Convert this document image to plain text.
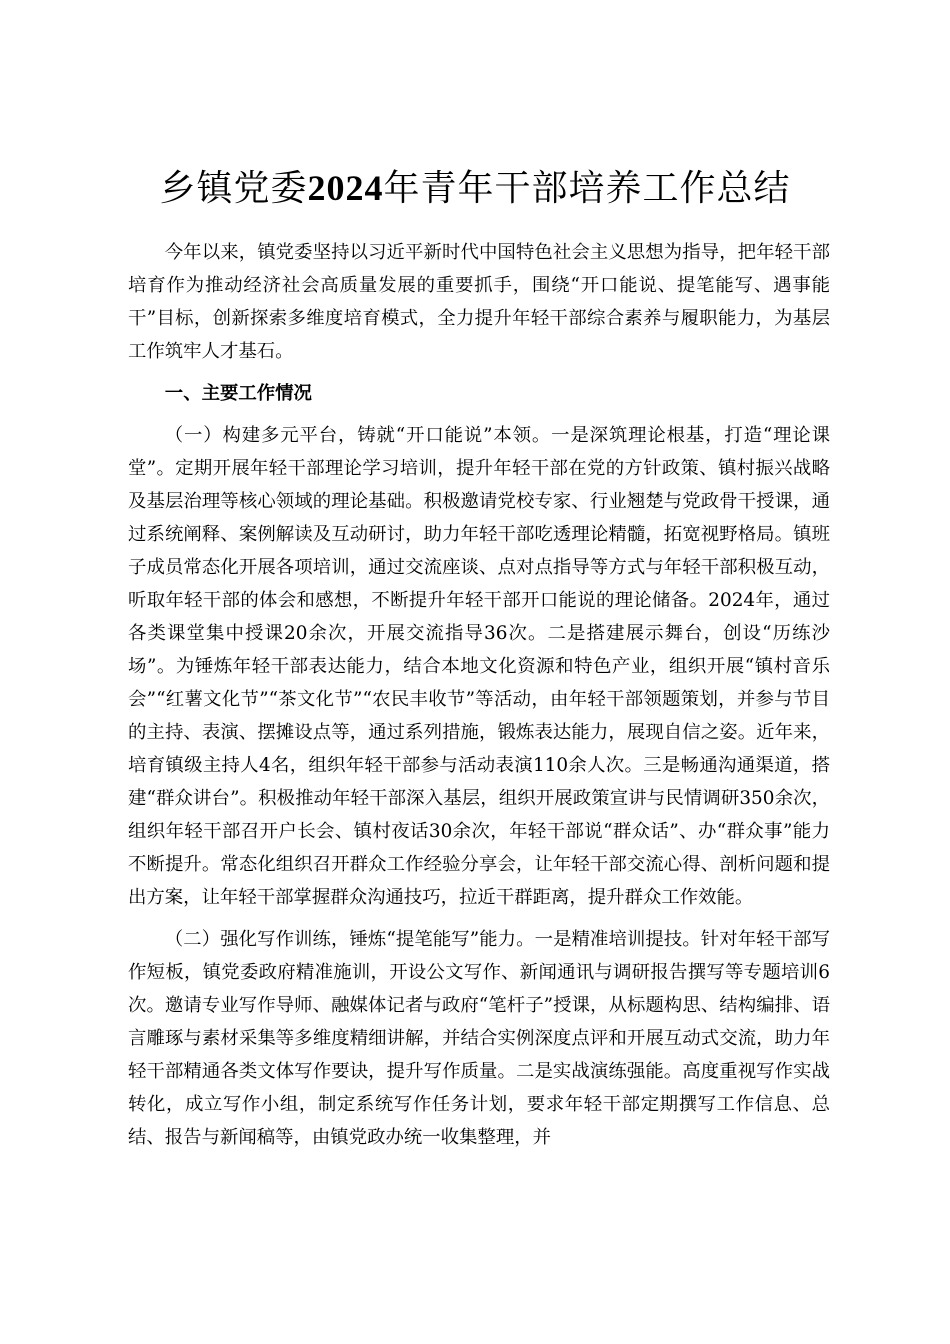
乡镇党委2024年青年干部培养工作总结

今年以来，镇党委坚持以习近平新时代中国特色社会主义思想为指导，把年轻干部培育作为推动经济社会高质量发展的重要抓手，围绕“开口能说、提笔能写、遇事能干”目标，创新探索多维度培育模式，全力提升年轻干部综合素养与履职能力，为基层工作筑牢人才基石。

一、主要工作情况

（一）构建多元平台，铸就“开口能说”本领。一是深筑理论根基，打造“理论课堂”。定期开展年轻干部理论学习培训，提升年轻干部在党的方针政策、镇村振兴战略及基层治理等核心领域的理论基础。积极邀请党校专家、行业翘楚与党政骨干授课，通过系统阐释、案例解读及互动研讨，助力年轻干部吃透理论精髓，拓宽视野格局。镇班子成员常态化开展各项培训，通过交流座谈、点对点指导等方式与年轻干部积极互动，听取年轻干部的体会和感想，不断提升年轻干部开口能说的理论储备。2024年，通过各类课堂集中授课20余次，开展交流指导36次。二是搭建展示舞台，创设“历练沙场”。为锤炼年轻干部表达能力，结合本地文化资源和特色产业，组织开展“镇村音乐会”“红薯文化节”“茶文化节”“农民丰收节”等活动，由年轻干部领题策划，并参与节目的主持、表演、摆摊设点等，通过系列措施，锻炼表达能力，展现自信之姿。近年来，培育镇级主持人4名，组织年轻干部参与活动表演110余人次。三是畅通沟通渠道，搭建“群众讲台”。积极推动年轻干部深入基层，组织开展政策宣讲与民情调研350余次，组织年轻干部召开户长会、镇村夜话30余次，年轻干部说“群众话”、办“群众事”能力不断提升。常态化组织召开群众工作经验分享会，让年轻干部交流心得、剖析问题和提出方案，让年轻干部掌握群众沟通技巧，拉近干群距离，提升群众工作效能。

（二）强化写作训练，锤炼“提笔能写”能力。一是精准培训提技。针对年轻干部写作短板，镇党委政府精准施训，开设公文写作、新闻通讯与调研报告撰写等专题培训6次。邀请专业写作导师、融媒体记者与政府“笔杆子”授课，从标题构思、结构编排、语言雕琢与素材采集等多维度精细讲解，并结合实例深度点评和开展互动式交流，助力年轻干部精通各类文体写作要诀，提升写作质量。二是实战演练强能。高度重视写作实战转化，成立写作小组，制定系统写作任务计划，要求年轻干部定期撰写工作信息、总结、报告与新闻稿等，由镇党政办统一收集整理，并
